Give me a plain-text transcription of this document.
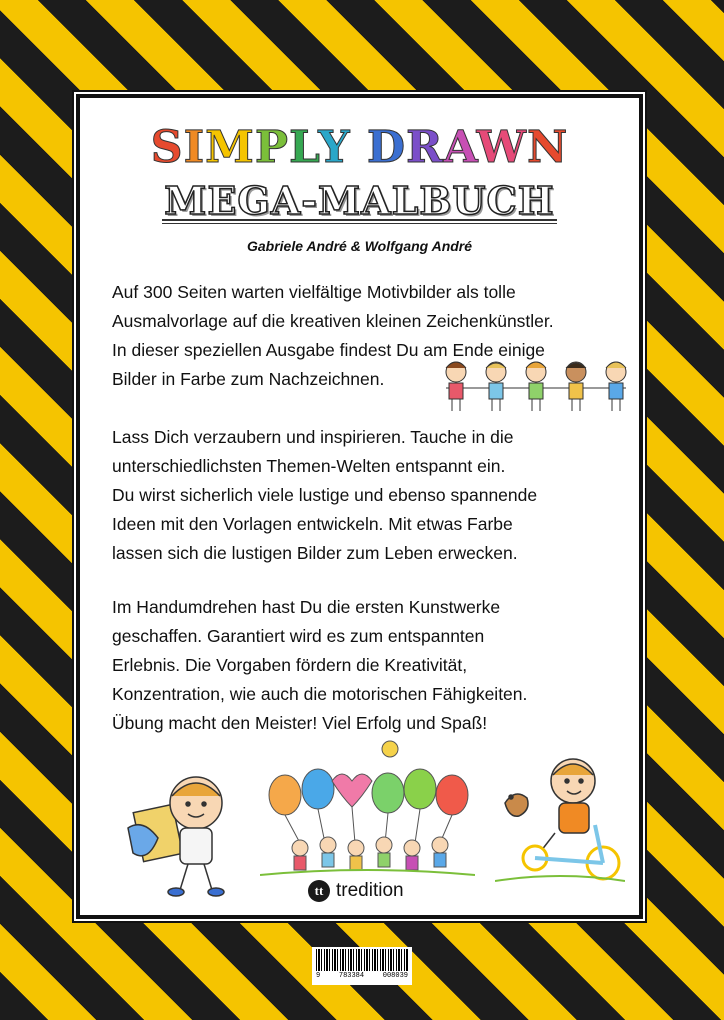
SIMPLY DRAWN
MEGA-MALBUCH
Gabriele André & Wolfgang André
Auf 300 Seiten warten vielfältige Motivbilder als tolle
Ausmalvorlage auf die kreativen kleinen Zeichenkünstler.
In dieser speziellen Ausgabe findest Du am Ende einige
Bilder in Farbe zum Nachzeichnen.
Lass Dich verzaubern und inspirieren. Tauche in die
unterschiedlichsten Themen-Welten entspannt ein.
Du wirst sicherlich viele lustige und ebenso spannende
Ideen mit den Vorlagen entwickeln. Mit etwas Farbe
lassen sich die lustigen Bilder zum Leben erwecken.
Im Handumdrehen hast Du die ersten Kunstwerke
geschaffen. Garantiert wird es zum entspannten
Erlebnis. Die Vorgaben fördern die Kreativität,
Konzentration, wie auch die motorischen Fähigkeiten.
Übung macht den Meister! Viel Erfolg und Spaß!
tt tredition
9	783384	008039
